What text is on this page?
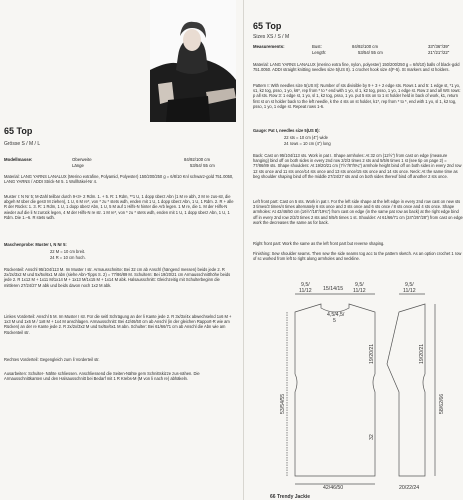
65 Top
Grösse S / M / L
Modellmasse:	Oberweite	84/92/100 cm
Länge	53/54/ 55 cm
Material: LANG YARNS LANALUX (Merino extrafine, Polyamid, Polyester) 150/200/250 g = 6/8/10 Knl schwarz-gold 751.0050, LANG YARNS / ADDI Strick-Nr 5. 1 Wollhäkel-Nr 4.
Muster I: N Nr 5; M-Zahl teilbar durch 9+3+ 2 Rdm. 1. + 5. R: 1 Rdm, **1 U, 1 dopp überz Abn (1 M re abh, 2 M re zus-str, die abgeh M über die gestr M ziehen), 1 U, 6 M re*, von * zu * stets wdh, enden mit 1 U, 1 dopp überz Abn, 1 U, 1 Rdm. 2. R + alle R der Rücks: 1. 3. R: 1 Rdm, 1 U, 1 dopp überz Abn, 1 U, 5 M auf 1 Hilfs-N hinter die Arb legen. 1 M re, die 1. M der Hilfs-N wieder auf die li N zurück legen, 4 M der Hilfs-N re str. 1 M re*, von * zu * stets wdh, enden mit 1 U, 1 dopp überz Abn, 1 U, 1 Rdm. Die 1.–6. R stets wdh.
Maschenprobe: Muster I, N Nr 5:
22 M = 10 cm breit.
24 R = 10 cm hoch.
Rückenteil: Anschl 95/104/113 M. Im Muster I str. Armausschnitte: Bei 32 cm ab Anschl (hängend messen) beids jede 2. R 2x/2x/3x2 M und 5x/5x/6x1 M abn (siehe Abn-Tipps S. 2) = 77/86/89 M. Schultern: Bei 19/20/21 cm Armausschnitthöhe beids jede 2. R 1x12 M + 1x11 M/1x14 M + 1x13 M/1x15 M + 1x14 M abk. Halsausschnitt: Gleichzeitig mit Schulterbeginn die mittleren 27/24/27 M abk und beids davon noch 1x2 M abk.
Linkes Vorderteil: Anschl 5 M. Im Muster I str. Für die seitl Schrägung an der li Kante jede 2. R 3x/3x/4x abwechselnd 1x6 M + 1x3 M und 1x6 M / 1x8 M + 1x4 M anschlagen. Armausschnitt: Bei 42/46/50 cm ab Anschl (in der gleichen Rapport-R wie am Rücken) an der re Kante jede 2. R 2x/2x/3x2 M und 5x/5x/6x1 M abn. Schulter: Bei 61/66/71 cm ab Anschl die Abn wie am Rückenteil str.
Rechtes Vorderteil: Gegengleich zum li Vorderteil str.
Ausarbeiten: Schulter- Nähte schliessen. Anschliessend die Seiten-Nähte gem Schnittskizze zus-nähen. Die Armausschnittkanten und den Halsausschnitt bei Bedarf mit 1 R Krebs-M (M von li nach re) abhäkeln.
65 Top
Sizes XS / S / M
Measurements:	Bust:	84/92/100 cm	33"/36"/39"
Length:	53/54/ 55 cm	21"/21"/22"
Material: LANG YARNS LANALUX (merino extra fine, nylon, polyester) 150/200/250 g = 6/8/10) balls of black-gold 751.0050. ADDI straight knitting needles size 5(US 8). 1 crochet hook size 4(F-5). St markers and st holders.
Pattern I: With needles size 5(US 8): Number of sts divisible by 9 + 3 + 2 edge sts. Rows 1 and 5: 1 edge st, *1 yo, s1, k2 tog, psso, 1 yo, k6*, rep from * to * end with 1 yo, sl 1, k2 tog, psso, 1 yo, 1 edge st. Row 2 and all WS rows: p all sts. Row 3: 1 edge st, 1 yo, sl 1, k2 tog, psso, 1 yo. put 5 sts on to 1 st holder held in back of work, k1, return first st on st holder back to the left needle, k the 4 sts on st holder, k1*, rep from * to *, end with 1 yo, sl 1, k2 tog, psso, 1 yo, 1 edge st. Repeat rows 1-6.
Gauge: Pat I, needles size 5(US 8):
22 sts = 10 cm (4") wide
24 rows = 10 cm (4") long
Back: Cast on 95/104/113 sts. Work in pat I. Shape armholes: At 32 cm (12½") from cast on edge (measure hanging) bind off on both sides in every 2nd row 2/2/3 times 2 sts and 5/5/6 times 1 st (see tip on page 2) = 77/86/89 sts. Shape shoulders: At 19/20/21 cm (7½"/8"/8¼") armhole height bind off on both sides in every 2nd row 12 sts once and 11 sts once/14 sts once and 13 sts once/15 sts once and 14 sts once. Neck: At the same time as beg shoulder shaping bind off the middle 27/24/27 sts and on both sides thereof bind off another 2 sts once.
Left front part: Cast on 5 sts. Work in pat I. For the left side shape at the left edge in every 2nd row cast on new sts 3 times/3 times/4 times alternately 6 sts once and 3 sts once and 6 sts once / 8 sts once and 4 sts once. Shape armholes: At 42/46/50 cm (16½"/18"/19¾") from cast on edge (in the same pat row as back) at the right edge bind off in every 2nd row 2/2/3 times 2 sts and 5/5/6 times 1 st. Shoulder: At 61/66/71 cm (24"/26"/28") from cast on edge work the decreases the same as for back.
Right front part: Work the same as the left front part but reverse shaping.
Finishing: Sew shoulder seams. Then sew the side seams tog acc to the pattern sketch. As an option crochet 1 row of sc worked from left to right along armholes and neckline.
9,5/
11/12 15/14/15
9,5/
11/12
9,5/
11/12
4,5/4,5/
5
42/46/50	20/22/24
53/54/55
19/20/21
32
19/20/21
58/62/66
66 Trendy Jackie
